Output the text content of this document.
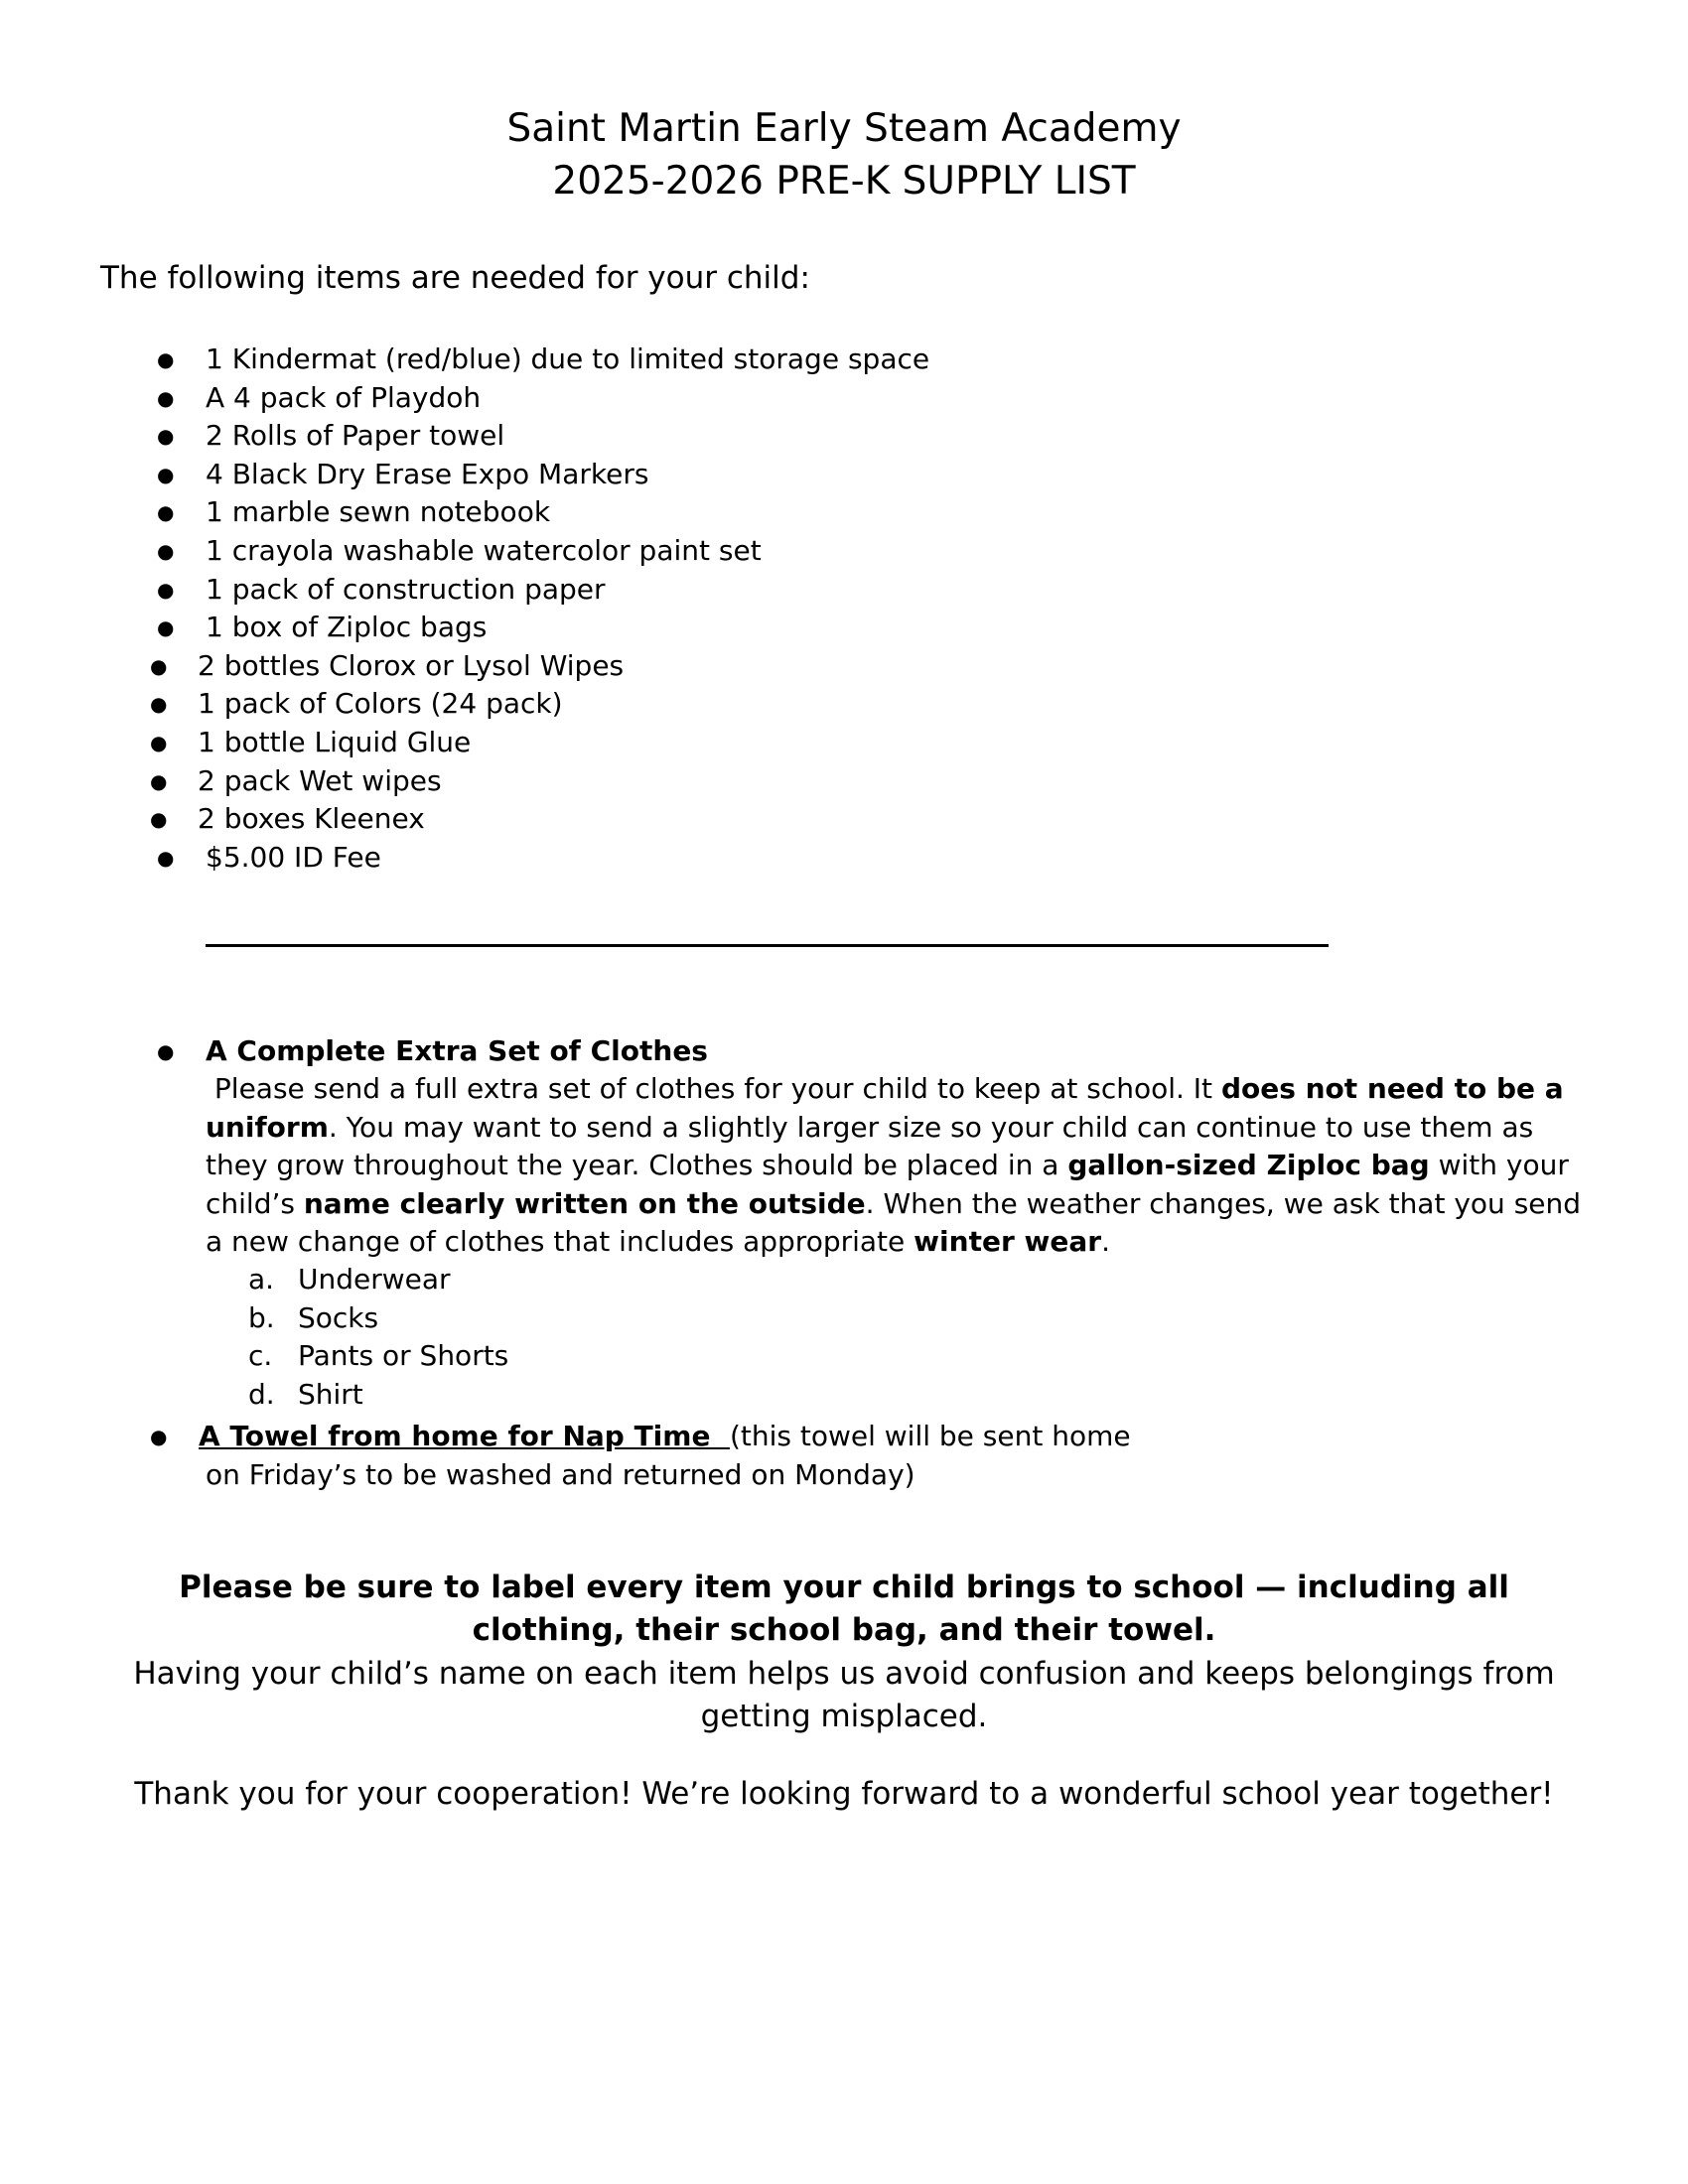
Saint Martin Early Steam Academy
2025-2026 PRE-K SUPPLY LIST
The following items are needed for your child:
● 1 Kindermat (red/blue) due to limited storage space
● A 4 pack of Playdoh
● 2 Rolls of Paper towel
● 4 Black Dry Erase Expo Markers
● 1 marble sewn notebook
● 1 crayola washable watercolor paint set
● 1 pack of construction paper
● 1 box of Ziploc bags
● 2 bottles Clorox or Lysol Wipes
● 1 pack of Colors (24 pack)
● 1 bottle Liquid Glue
● 2 pack Wet wipes
● 2 boxes Kleenex
● $5.00 ID Fee
● A Complete Extra Set of Clothes
Please send a full extra set of clothes for your child to keep at school. It does not need to be a uniform. You may want to send a slightly larger size so your child can continue to use them as they grow throughout the year. Clothes should be placed in a gallon-sized Ziploc bag with your child’s name clearly written on the outside. When the weather changes, we ask that you send a new change of clothes that includes appropriate winter wear.
a. Underwear
b. Socks
c. Pants or Shorts
d. Shirt
● A Towel from home for Nap Time  (this towel will be sent home
on Friday’s to be washed and returned on Monday)
Please be sure to label every item your child brings to school — including all clothing, their school bag, and their towel.
Having your child’s name on each item helps us avoid confusion and keeps belongings from getting misplaced.
Thank you for your cooperation! We’re looking forward to a wonderful school year together!
